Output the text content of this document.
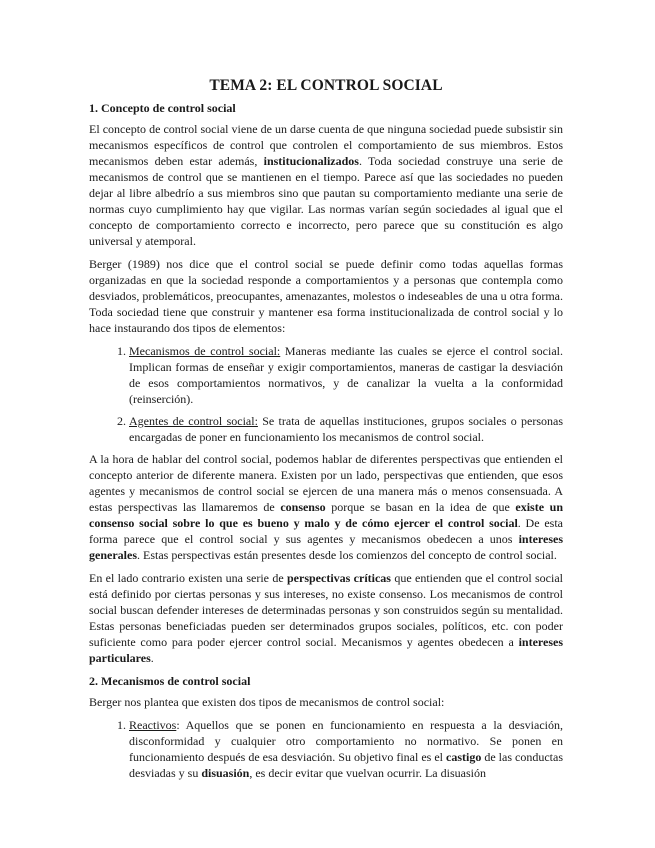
TEMA 2: EL CONTROL SOCIAL
1. Concepto de control social

El concepto de control social viene de un darse cuenta de que ninguna sociedad puede subsistir sin mecanismos específicos de control que controlen el comportamiento de sus miembros. Estos mecanismos deben estar además, institucionalizados. Toda sociedad construye una serie de mecanismos de control que se mantienen en el tiempo. Parece así que las sociedades no pueden dejar al libre albedrío a sus miembros sino que pautan su comportamiento mediante una serie de normas cuyo cumplimiento hay que vigilar. Las normas varían según sociedades al igual que el concepto de comportamiento correcto e incorrecto, pero parece que su constitución es algo universal y atemporal.

Berger (1989) nos dice que el control social se puede definir como todas aquellas formas organizadas en que la sociedad responde a comportamientos y a personas que contempla como desviados, problemáticos, preocupantes, amenazantes, molestos o indeseables de una u otra forma. Toda sociedad tiene que construir y mantener esa forma institucionalizada de control social y lo hace instaurando dos tipos de elementos:

1. Mecanismos de control social: Maneras mediante las cuales se ejerce el control social. Implican formas de enseñar y exigir comportamientos, maneras de castigar la desviación de esos comportamientos normativos, y de canalizar la vuelta a la conformidad (reinserción).
2. Agentes de control social: Se trata de aquellas instituciones, grupos sociales o personas encargadas de poner en funcionamiento los mecanismos de control social.

A la hora de hablar del control social, podemos hablar de diferentes perspectivas que entienden el concepto anterior de diferente manera. Existen por un lado, perspectivas que entienden, que esos agentes y mecanismos de control social se ejercen de una manera más o menos consensuada. A estas perspectivas las llamaremos de consenso porque se basan en la idea de que existe un consenso social sobre lo que es bueno y malo y de cómo ejercer el control social. De esta forma parece que el control social y sus agentes y mecanismos obedecen a unos intereses generales. Estas perspectivas están presentes desde los comienzos del concepto de control social.

En el lado contrario existen una serie de perspectivas críticas que entienden que el control social está definido por ciertas personas y sus intereses, no existe consenso. Los mecanismos de control social buscan defender intereses de determinadas personas y son construidos según su mentalidad. Estas personas beneficiadas pueden ser determinados grupos sociales, políticos, etc. con poder suficiente como para poder ejercer control social. Mecanismos y agentes obedecen a intereses particulares.

2. Mecanismos de control social

Berger nos plantea que existen dos tipos de mecanismos de control social:

1. Reactivos: Aquellos que se ponen en funcionamiento en respuesta a la desviación, disconformidad y cualquier otro comportamiento no normativo. Se ponen en funcionamiento después de esa desviación. Su objetivo final es el castigo de las conductas desviadas y su disuasión, es decir evitar que vuelvan ocurrir. La disuasión
